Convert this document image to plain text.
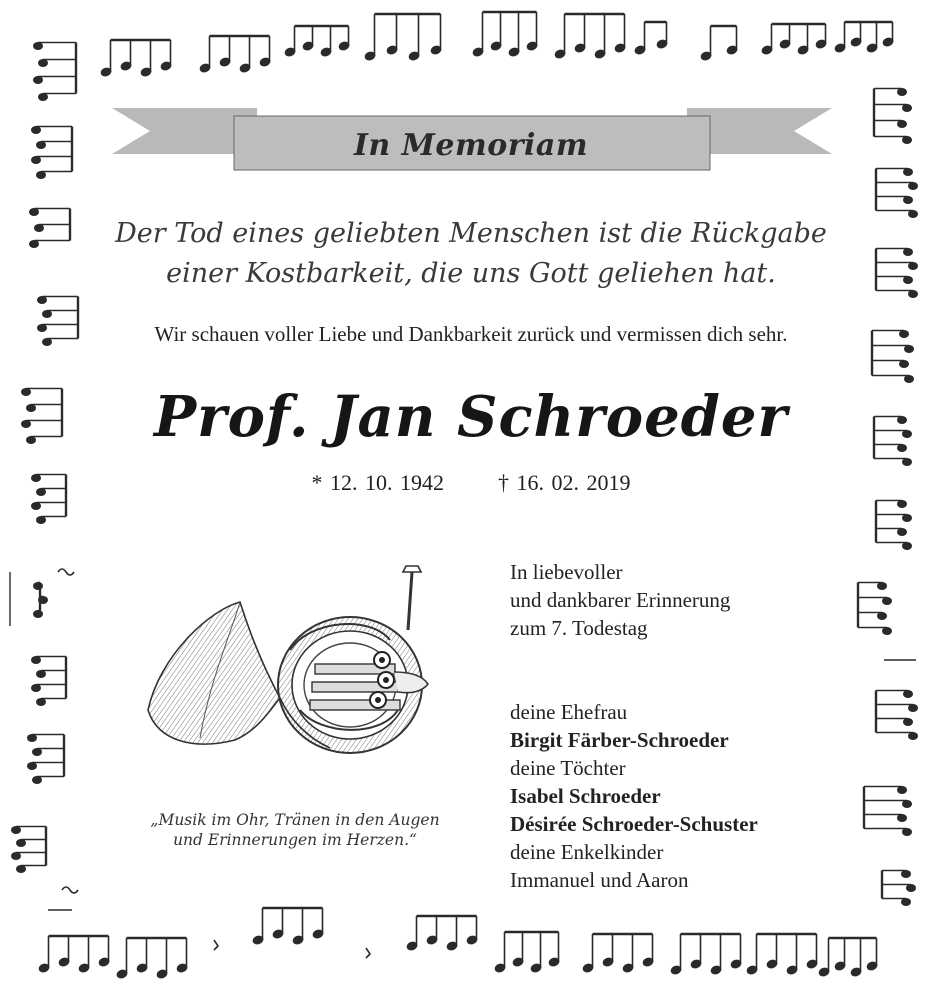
In Memoriam
Der Tod eines geliebten Menschen ist die Rückgabe
einer Kostbarkeit, die uns Gott geliehen hat.
Wir schauen voller Liebe und Dankbarkeit zurück und vermissen dich sehr.
Prof. Jan Schroeder
* 12. 10. 1942 † 16. 02. 2019
„Musik im Ohr, Tränen in den Augen
und Erinnerungen im Herzen.“
In liebevoller
und dankbarer Erinnerung
zum 7. Todestag
deine Ehefrau
Birgit Färber-Schroeder
deine Töchter
Isabel Schroeder
Désirée Schroeder-Schuster
deine Enkelkinder
Immanuel und Aaron
